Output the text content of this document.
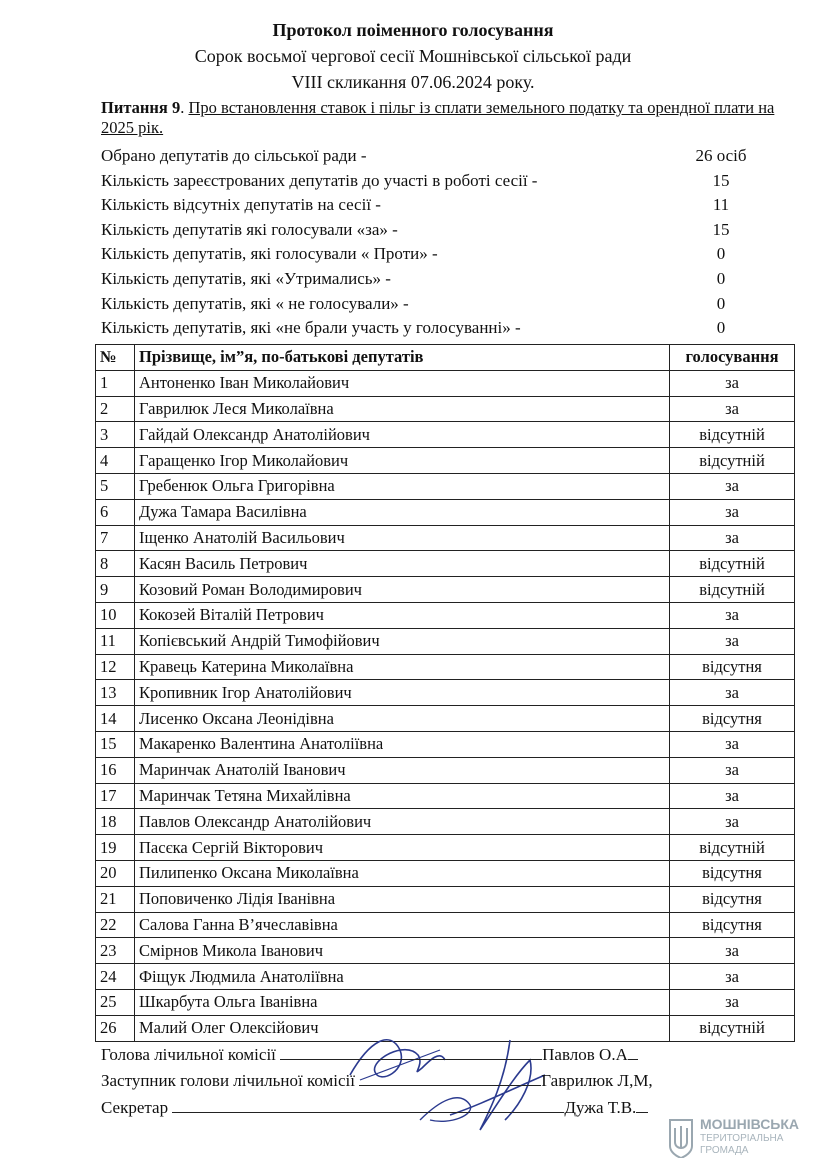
Протокол поіменного голосування
Сорок восьмої чергової сесії Мошнівської сільської ради
VIII скликання 07.06.2024 року.
Питання 9. Про встановлення ставок і пільг із сплати земельного податку та орендної плати на 2025 рік.
Обрано депутатів до сільської ради -	26 осіб
Кількість зареєстрованих депутатів до участі в роботі сесії -	15
Кількість відсутніх депутатів на сесії -	11
Кількість депутатів які голосували «за» -	15
Кількість депутатів, які голосували « Проти» -	0
Кількість депутатів, які «Утримались» -	0
Кількість депутатів, які « не голосували» -	0
Кількість депутатів, які «не брали участь у голосуванні» -	0
№	Прізвище, ім”я, по-батькові депутатів	голосування
1	Антоненко Іван Миколайович	за
2	Гаврилюк Леся Миколаївна	за
3	Гайдай Олександр Анатолійович	відсутній
4	Гаращенко Ігор Миколайович	відсутній
5	Гребенюк Ольга Григорівна	за
6	Дужа Тамара Василівна	за
7	Іщенко Анатолій Васильович	за
8	Касян Василь Петрович	відсутній
9	Козовий Роман Володимирович	відсутній
10	Кокозей Віталій Петрович	за
11	Копієвський Андрій Тимофійович	за
12	Кравець Катерина Миколаївна	відсутня
13	Кропивник Ігор Анатолійович	за
14	Лисенко Оксана Леонідівна	відсутня
15	Макаренко Валентина Анатоліївна	за
16	Маринчак Анатолій Іванович	за
17	Маринчак Тетяна Михайлівна	за
18	Павлов Олександр Анатолійович	за
19	Пасєка Сергій Вікторович	відсутній
20	Пилипенко Оксана Миколаївна	відсутня
21	Поповиченко Лідія Іванівна	відсутня
22	Салова Ганна В’ячеславівна	відсутня
23	Смірнов Микола Іванович	за
24	Фіщук Людмила Анатоліївна	за
25	Шкарбута Ольга Іванівна	за
26	Малий Олег Олексійович	відсутній
Голова лічильної комісії	Павлов О.А
Заступник голови лічильної комісії	Гаврилюк Л,М,
Секретар	Дужа Т.В.
МОШНІВСЬКА
ТЕРИТОРІАЛЬНА
ГРОМАДА
